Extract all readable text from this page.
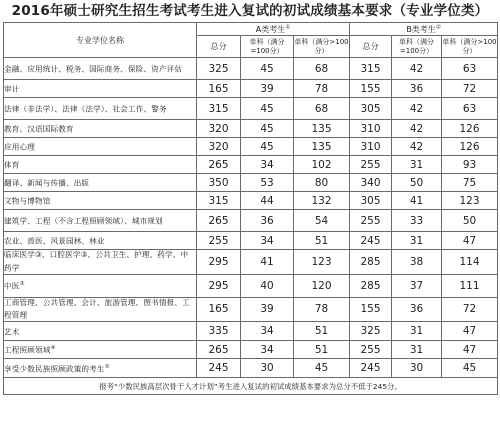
2016年硕士研究生招生考试考生进入复试的初试成绩基本要求（专业学位类）
专业学位名称	A类考生①			B类考生②
	总分	单科（满分=100分）	单科（满分>100分）	总分	单科（满分=100分）	单科（满分>100分）
金融、应用统计、税务、国际商务、保险、资产评估	325	45	68	315	42	63
审计	165	39	78	155	36	72
法律（非法学）、法律（法学）、社会工作、警务	315	45	68	305	42	63
教育、汉语国际教育	320	45	135	310	42	126
应用心理	320	45	135	310	42	126
体育	265	34	102	255	31	93
翻译、新闻与传播、出版	350	53	80	340	50	75
文物与博物馆	315	44	132	305	41	123
建筑学、工程（不含工程照顾领域）、城市规划	265	36	54	255	33	50
农业、兽医、风景园林、林业	255	34	51	245	31	47
临床医学③、口腔医学③、公共卫生、护理、药学、中药学	295	41	123	285	38	114
中医③	295	40	120	285	37	111
工商管理、公共管理、会计、旅游管理、图书情报、工程管理	165	39	78	155	36	72
艺术	335	34	51	325	31	47
工程照顾领域④	265	34	51	255	31	47
享受少数民族照顾政策的考生⑤	245	30	45	245	30	45
报考“少数民族高层次骨干人才计划”考生进入复试的初试成绩基本要求为总分不低于245分。						
